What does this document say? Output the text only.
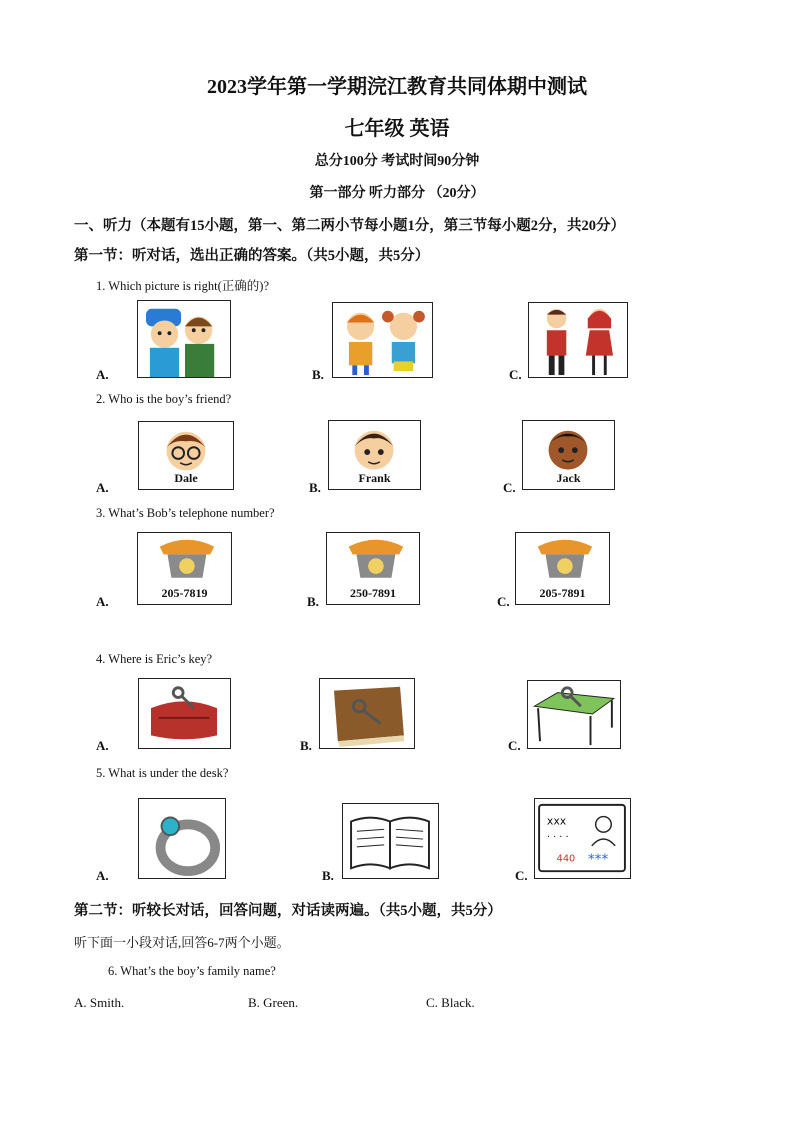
2023学年第一学期浣江教育共同体期中测试
七年级 英语
总分100分 考试时间90分钟
第一部分 听力部分 （20分）
一、听力（本题有15小题，第一、第二两小节每小题1分，第三节每小题2分，共20分）
第一节：听对话，选出正确的答案。（共5小题，共5分）
1. Which picture is right(正确的)?
A.	B.	C.
2. Who is the boy’s friend?
A.
Dale
B.
Frank
C.
Jack
3. What’s Bob’s telephone number?
A.
205-7819
B.
250-7891
C.
205-7891
4. Where is Eric’s key?
A.	B.	C.
5. What is under the desk?
A.	B.	C.
xxx
· · · ·
440 ***
第二节：听较长对话，回答问题，对话读两遍。（共5小题，共5分）
听下面一小段对话,回答6-7两个小题。
6. What’s the boy’s family name?
A. Smith.	B. Green.	C. Black.
